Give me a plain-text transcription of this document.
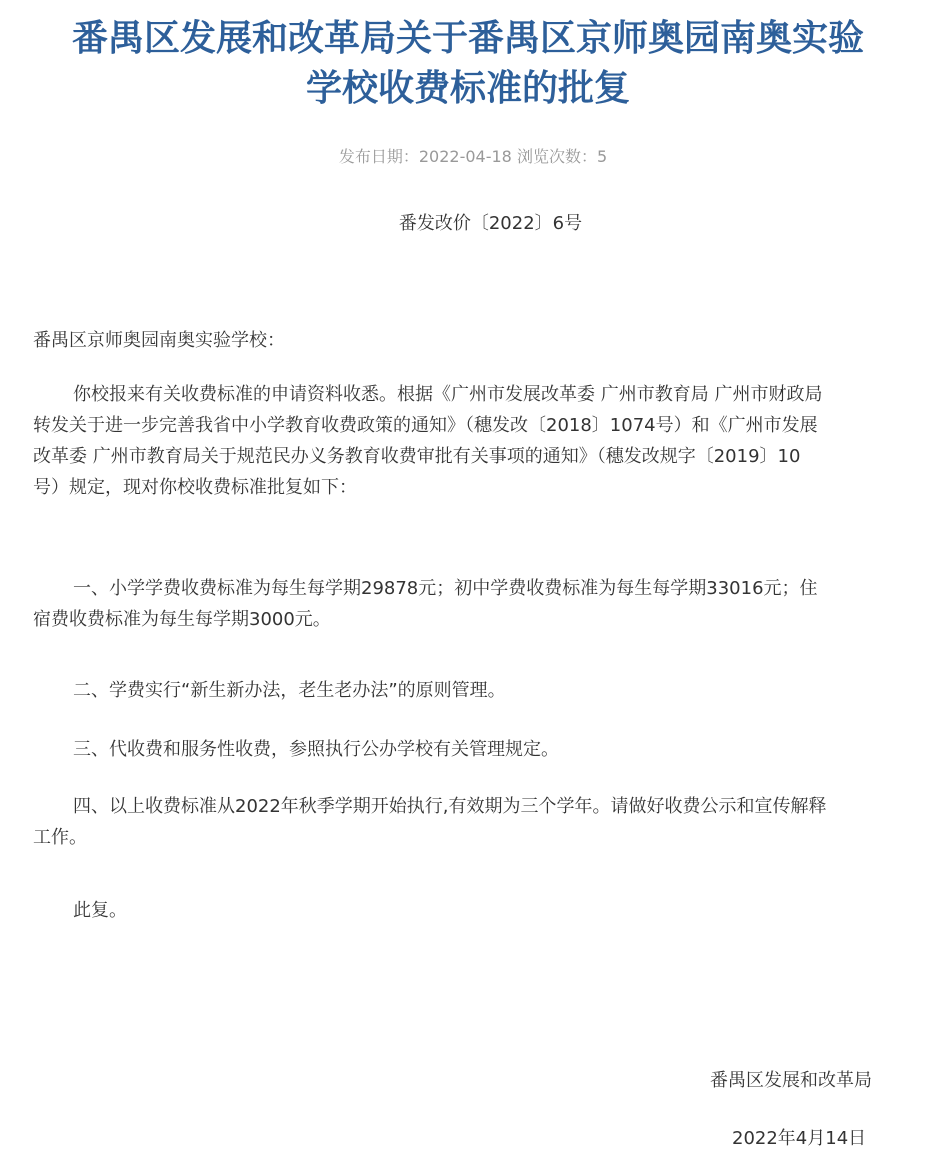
番禺区发展和改革局关于番禺区京师奥园南奥实验
学校收费标准的批复
发布日期：2022-04-18 浏览次数：5
番发改价〔2022〕6号
番禺区京师奥园南奥实验学校：
你校报来有关收费标准的申请资料收悉。根据《广州市发展改革委 广州市教育局 广州市财政局
转发关于进一步完善我省中小学教育收费政策的通知》（穗发改〔2018〕1074号）和《广州市发展
改革委 广州市教育局关于规范民办义务教育收费审批有关事项的通知》（穗发改规字〔2019〕10
号）规定，现对你校收费标准批复如下：
一、小学学费收费标准为每生每学期29878元；初中学费收费标准为每生每学期33016元；住
宿费收费标准为每生每学期3000元。
二、学费实行“新生新办法，老生老办法”的原则管理。
三、代收费和服务性收费，参照执行公办学校有关管理规定。
四、以上收费标准从2022年秋季学期开始执行,有效期为三个学年。请做好收费公示和宣传解释
工作。
此复。
番禺区发展和改革局
2022年4月14日
